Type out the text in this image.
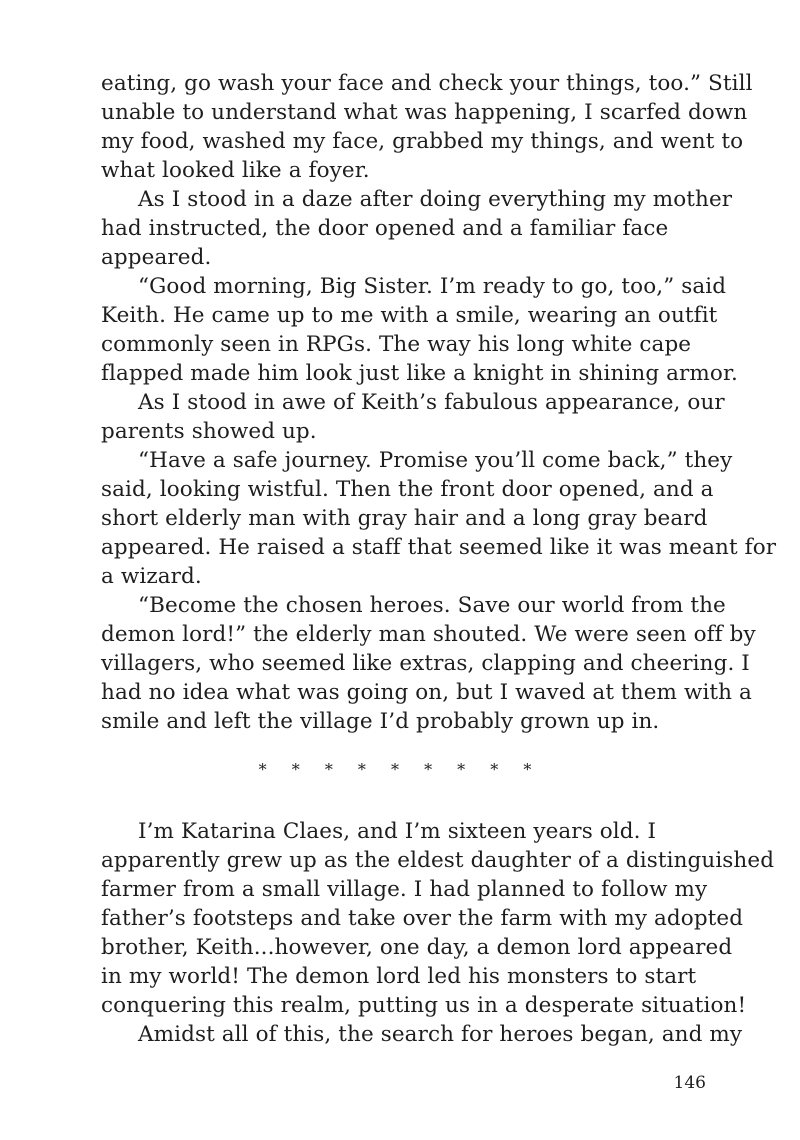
eating, go wash your face and check your things, too.” Still

unable to understand what was happening, I scarfed down

my food, washed my face, grabbed my things, and went to

what looked like a foyer.

As I stood in a daze after doing everything my mother

had instructed, the door opened and a familiar face

appeared.

“Good morning, Big Sister. I’m ready to go, too,” said

Keith. He came up to me with a smile, wearing an outfit

commonly seen in RPGs. The way his long white cape

flapped made him look just like a knight in shining armor.

As I stood in awe of Keith’s fabulous appearance, our

parents showed up.

“Have a safe journey. Promise you’ll come back,” they

said, looking wistful. Then the front door opened, and a

short elderly man with gray hair and a long gray beard

appeared. He raised a staff that seemed like it was meant for

a wizard.

“Become the chosen heroes. Save our world from the

demon lord!” the elderly man shouted. We were seen off by

villagers, who seemed like extras, clapping and cheering. I

had no idea what was going on, but I waved at them with a

smile and left the village I’d probably grown up in.

* * * * * * * * *

I’m Katarina Claes, and I’m sixteen years old. I

apparently grew up as the eldest daughter of a distinguished

farmer from a small village. I had planned to follow my

father’s footsteps and take over the farm with my adopted

brother, Keith...however, one day, a demon lord appeared

in my world! The demon lord led his monsters to start

conquering this realm, putting us in a desperate situation!

Amidst all of this, the search for heroes began, and my

146
